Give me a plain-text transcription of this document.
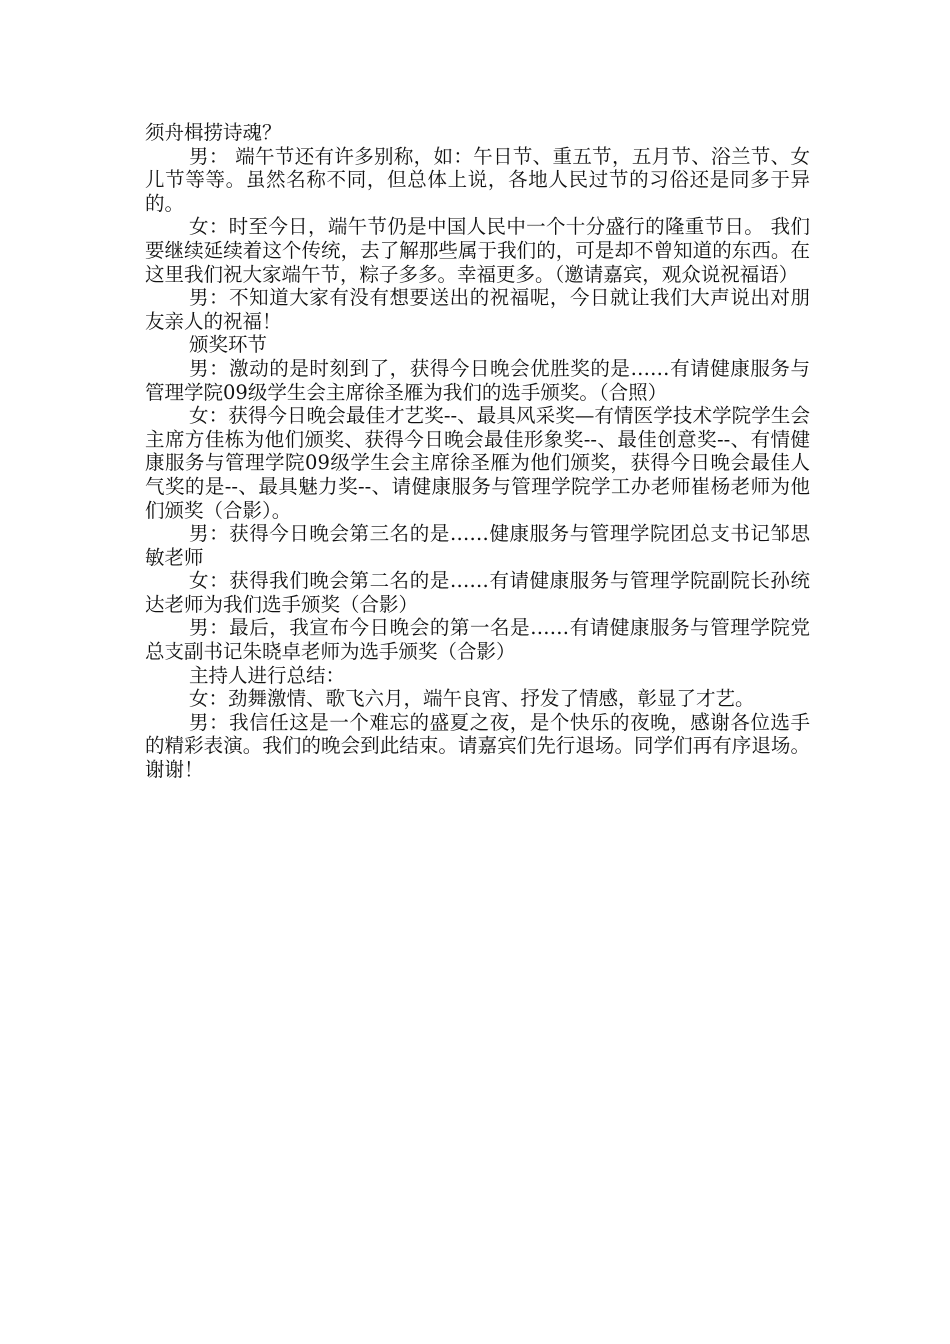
须舟楫捞诗魂？

男： 端午节还有许多别称，如：午日节、重五节，五月节、浴兰节、女儿节等等。虽然名称不同，但总体上说，各地人民过节的习俗还是同多于异的。

女：时至今日，端午节仍是中国人民中一个十分盛行的隆重节日。 我们要继续延续着这个传统，去了解那些属于我们的，可是却不曾知道的东西。在这里我们祝大家端午节，粽子多多。幸福更多。（邀请嘉宾，观众说祝福语）

男：不知道大家有没有想要送出的祝福呢，今日就让我们大声说出对朋友亲人的祝福！

颁奖环节

男：激动的是时刻到了，获得今日晚会优胜奖的是……有请健康服务与管理学院09级学生会主席徐圣雁为我们的选手颁奖。（合照）

女：获得今日晚会最佳才艺奖--、最具风采奖—有情医学技术学院学生会主席方佳栋为他们颁奖、获得今日晚会最佳形象奖--、最佳创意奖--、有情健康服务与管理学院09级学生会主席徐圣雁为他们颁奖，获得今日晚会最佳人气奖的是--、最具魅力奖--、请健康服务与管理学院学工办老师崔杨老师为他们颁奖（合影）。

男：获得今日晚会第三名的是……健康服务与管理学院团总支书记邹思敏老师

女：获得我们晚会第二名的是……有请健康服务与管理学院副院长孙统达老师为我们选手颁奖（合影）

男：最后，我宣布今日晚会的第一名是……有请健康服务与管理学院党总支副书记朱晓卓老师为选手颁奖（合影）

主持人进行总结：

女：劲舞激情、歌飞六月，端午良宵、抒发了情感，彰显了才艺。

男：我信任这是一个难忘的盛夏之夜，是个快乐的夜晚，感谢各位选手的精彩表演。我们的晚会到此结束。请嘉宾们先行退场。同学们再有序退场。谢谢！
